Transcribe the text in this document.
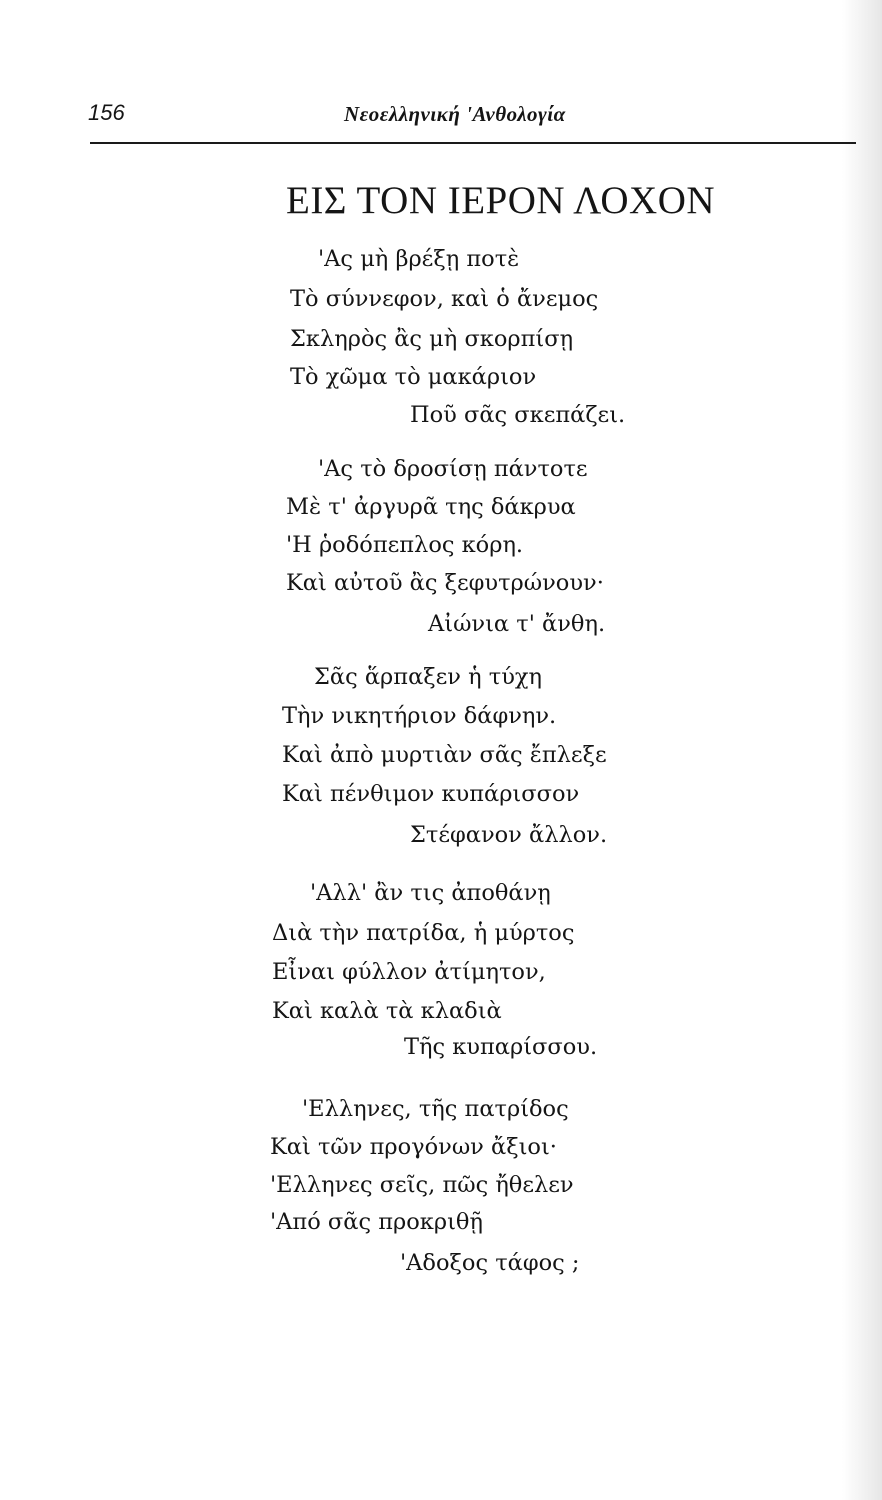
156	Νεοελληνική 'Ανθολογία
ΕΙΣ ΤΟΝ ΙΕΡΟΝ ΛΟΧΟΝ
'Ας μὴ βρέξῃ ποτὲ
Τὸ σύννεφον, καὶ ὁ ἄνεμος
Σκληρὸς ἂς μὴ σκορπίσῃ
Τὸ χῶμα τὸ μακάριον
Ποῦ σᾶς σκεπάζει.
'Ας τὸ δροσίσῃ πάντοτε
Μὲ τ' ἀργυρᾶ της δάκρυα
'Η ῥοδόπεπλος κόρη.
Καὶ αὐτοῦ ἂς ξεφυτρώνουν·
Αἰώνια τ' ἄνθη.
Σᾶς ἅρπαξεν ἡ τύχη
Τὴν νικητήριον δάφνην.
Καὶ ἀπὸ μυρτιὰν σᾶς ἔπλεξε
Καὶ πένθιμον κυπάρισσον
Στέφανον ἄλλον.
'Αλλ' ἂν τις ἀποθάνῃ
Διὰ τὴν πατρίδα, ἡ μύρτος
Εἶναι φύλλον ἀτίμητον,
Καὶ καλὰ τὰ κλαδιὰ
Τῆς κυπαρίσσου.
'Ελληνες, τῆς πατρίδος
Καὶ τῶν προγόνων ἄξιοι·
'Ελληνες σεῖς, πῶς ἤθελεν
'Από σᾶς προκριθῇ
'Αδοξος τάφος ;
